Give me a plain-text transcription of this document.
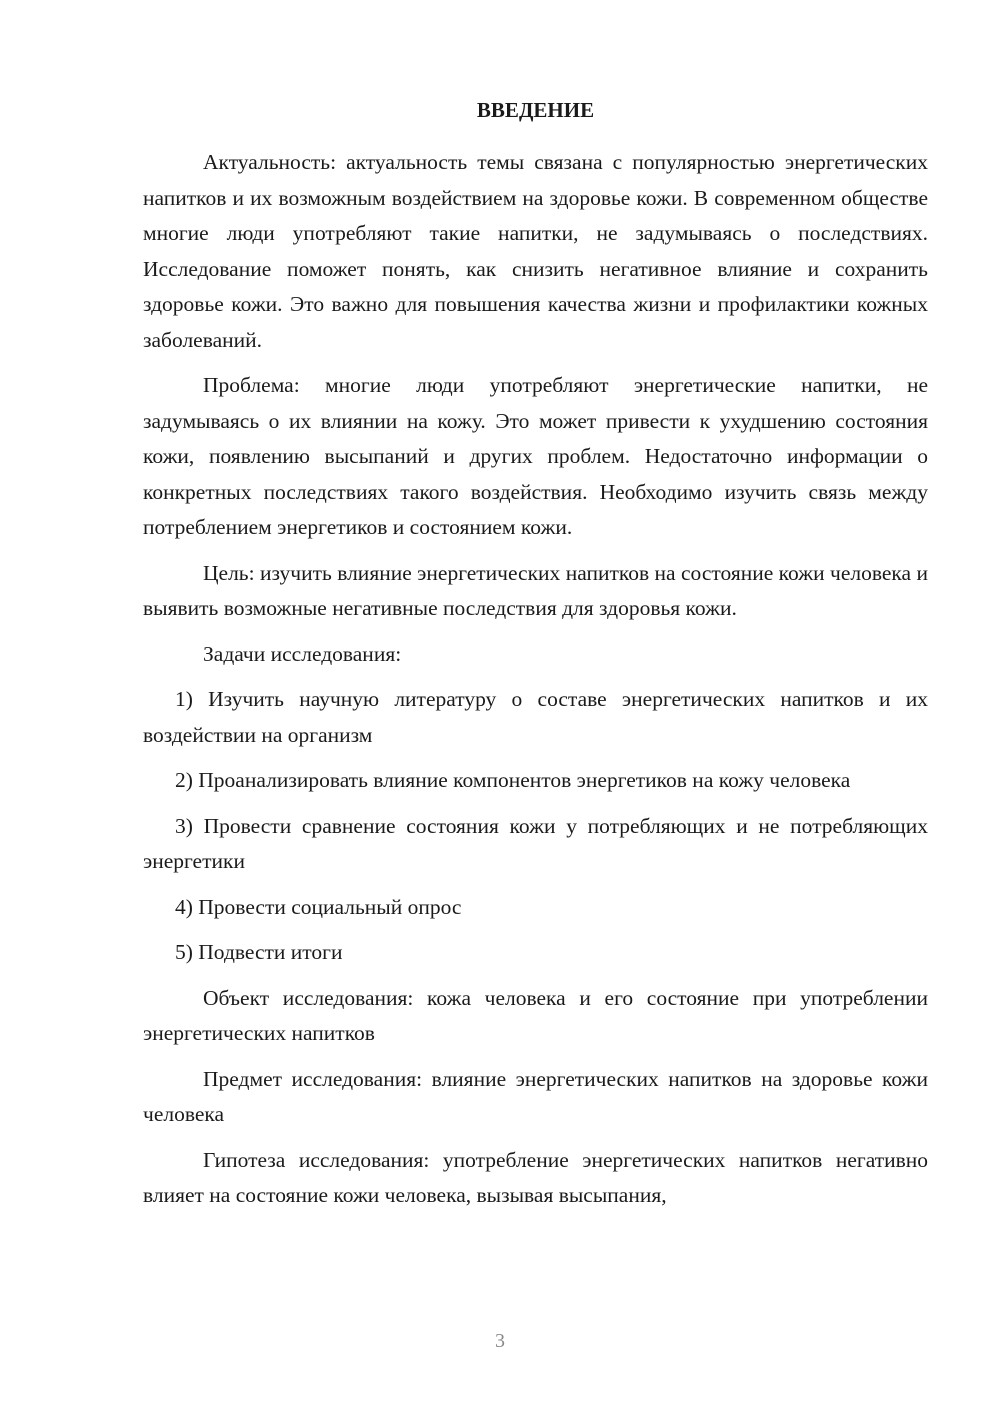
ВВЕДЕНИЕ

Актуальность: актуальность темы связана с популярностью энергетических напитков и их возможным воздействием на здоровье кожи. В современном обществе многие люди употребляют такие напитки, не задумываясь о последствиях. Исследование поможет понять, как снизить негативное влияние и сохранить здоровье кожи. Это важно для повышения качества жизни и профилактики кожных заболеваний.

Проблема: многие люди употребляют энергетические напитки, не задумываясь о их влиянии на кожу. Это может привести к ухудшению состояния кожи, появлению высыпаний и других проблем. Недостаточно информации о конкретных последствиях такого воздействия. Необходимо изучить связь между потреблением энергетиков и состоянием кожи.

Цель: изучить влияние энергетических напитков на состояние кожи человека и выявить возможные негативные последствия для здоровья кожи.

Задачи исследования:

1) Изучить научную литературу о составе энергетических напитков и их воздействии на организм

2) Проанализировать влияние компонентов энергетиков на кожу человека

3) Провести сравнение состояния кожи у потребляющих и не потребляющих энергетики

4) Провести социальный опрос

5) Подвести итоги

Объект исследования: кожа человека и его состояние при употреблении энергетических напитков

Предмет исследования: влияние энергетических напитков на здоровье кожи человека

Гипотеза исследования: употребление энергетических напитков негативно влияет на состояние кожи человека, вызывая высыпания,

3
